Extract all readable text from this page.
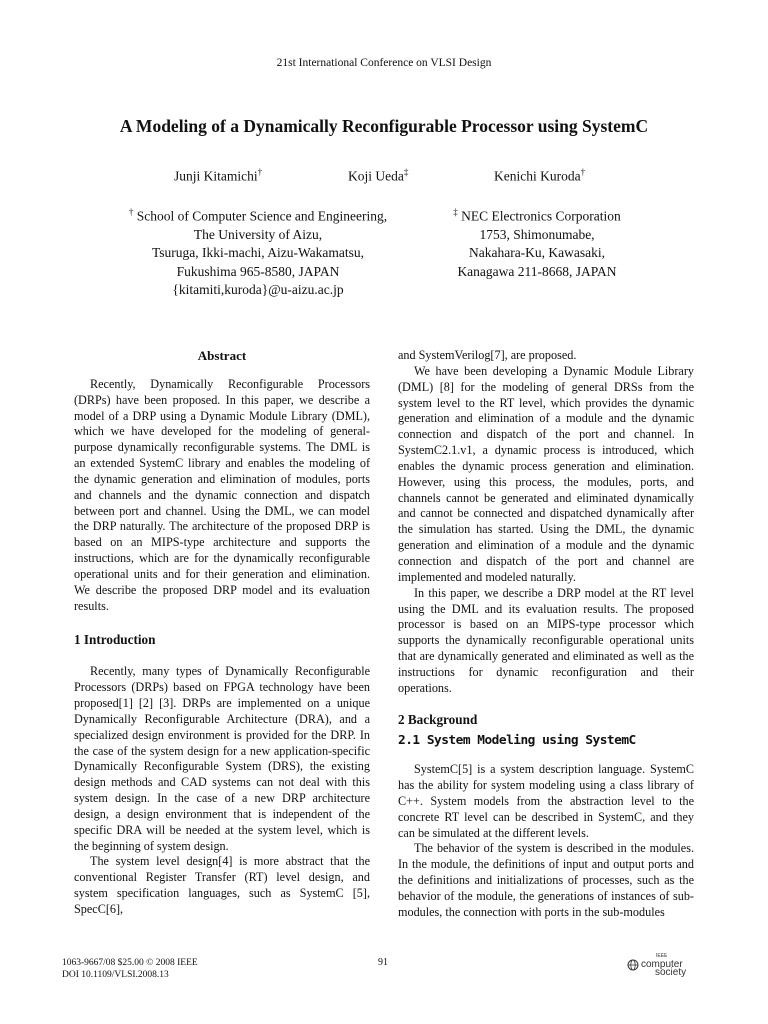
21st International Conference on VLSI Design
A Modeling of a Dynamically Reconfigurable Processor using SystemC
Junji Kitamichi†	Koji Ueda‡	Kenichi Kuroda†
† School of Computer Science and Engineering,
The University of Aizu,
Tsuruga, Ikki-machi, Aizu-Wakamatsu,
Fukushima 965-8580, JAPAN
{kitamiti,kuroda}@u-aizu.ac.jp
‡ NEC Electronics Corporation
1753, Shimonumabe,
Nakahara-Ku, Kawasaki,
Kanagawa 211-8668, JAPAN
Abstract

Recently, Dynamically Reconfigurable Processors (DRPs) have been proposed. In this paper, we describe a model of a DRP using a Dynamic Module Library (DML), which we have developed for the modeling of general-purpose dynamically reconfigurable systems. The DML is an extended SystemC library and enables the modeling of the dynamic generation and elimination of modules, ports and channels and the dynamic connection and dispatch between port and channel. Using the DML, we can model the DRP naturally. The architecture of the proposed DRP is based on an MIPS-type architecture and supports the instructions, which are for the dynamically reconfigurable operational units and for their generation and elimination. We describe the proposed DRP model and its evaluation results.

1 Introduction

Recently, many types of Dynamically Reconfigurable Processors (DRPs) based on FPGA technology have been proposed[1] [2] [3]. DRPs are implemented on a unique Dynamically Reconfigurable Architecture (DRA), and a specialized design environment is provided for the DRP. In the case of the system design for a new application-specific Dynamically Reconfigurable System (DRS), the existing design methods and CAD systems can not deal with this system design. In the case of a new DRP architecture design, a design environment that is independent of the specific DRA will be needed at the system level, which is the beginning of system design.

The system level design[4] is more abstract that the conventional Register Transfer (RT) level design, and system specification languages, such as SystemC [5], SpecC[6],

and SystemVerilog[7], are proposed.

We have been developing a Dynamic Module Library (DML) [8] for the modeling of general DRSs from the system level to the RT level, which provides the dynamic generation and elimination of a module and the dynamic connection and dispatch of the port and channel. In SystemC2.1.v1, a dynamic process is introduced, which enables the dynamic process generation and elimination. However, using this process, the modules, ports, and channels cannot be generated and eliminated dynamically and cannot be connected and dispatched dynamically after the simulation has started. Using the DML, the dynamic generation and elimination of a module and the dynamic connection and dispatch of the port and channel are implemented and modeled naturally.

In this paper, we describe a DRP model at the RT level using the DML and its evaluation results. The proposed processor is based on an MIPS-type processor which supports the dynamically reconfigurable operational units that are dynamically generated and eliminated as well as the instructions for dynamic reconfiguration and their operations.

2 Background
2.1 System Modeling using SystemC

SystemC[5] is a system description language. SystemC has the ability for system modeling using a class library of C++. System models from the abstraction level to the concrete RT level can be described in SystemC, and they can be simulated at the different levels.

The behavior of the system is described in the modules. In the module, the definitions of input and output ports and the definitions and initializations of processes, such as the behavior of the module, the generations of instances of sub-modules, the connection with ports in the sub-modules

1063-9667/08 $25.00 © 2008 IEEE
DOI 10.1109/VLSI.2008.13
91
IEEE
computer
society
